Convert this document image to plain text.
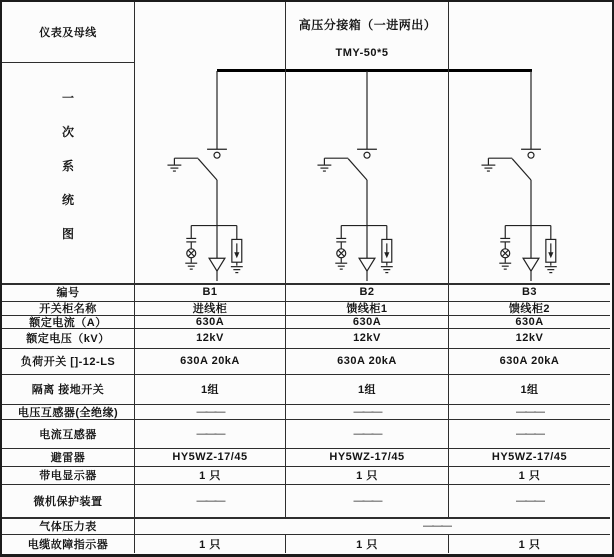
仪表及母线
高压分接箱（一进两出）
TMY-50*5
一
次
系
统
图
编号	B1	B2	B3
开关柜名称	进线柜	馈线柜1	馈线柜2
额定电流（A）	630A	630A	630A
额定电压（kV）	12kV	12kV	12kV
负荷开关 []-12-LS	630A 20kA	630A 20kA	630A 20kA
隔离 接地开关	1组	1组	1组
电压互感器(全绝缘)	———	———	———
电流互感器	———	———	———
避雷器	HY5WZ-17/45	HY5WZ-17/45	HY5WZ-17/45
带电显示器	1 只	1 只	1 只
微机保护装置	———	———	———
气体压力表	———
电缆故障指示器	1 只	1 只	1 只
